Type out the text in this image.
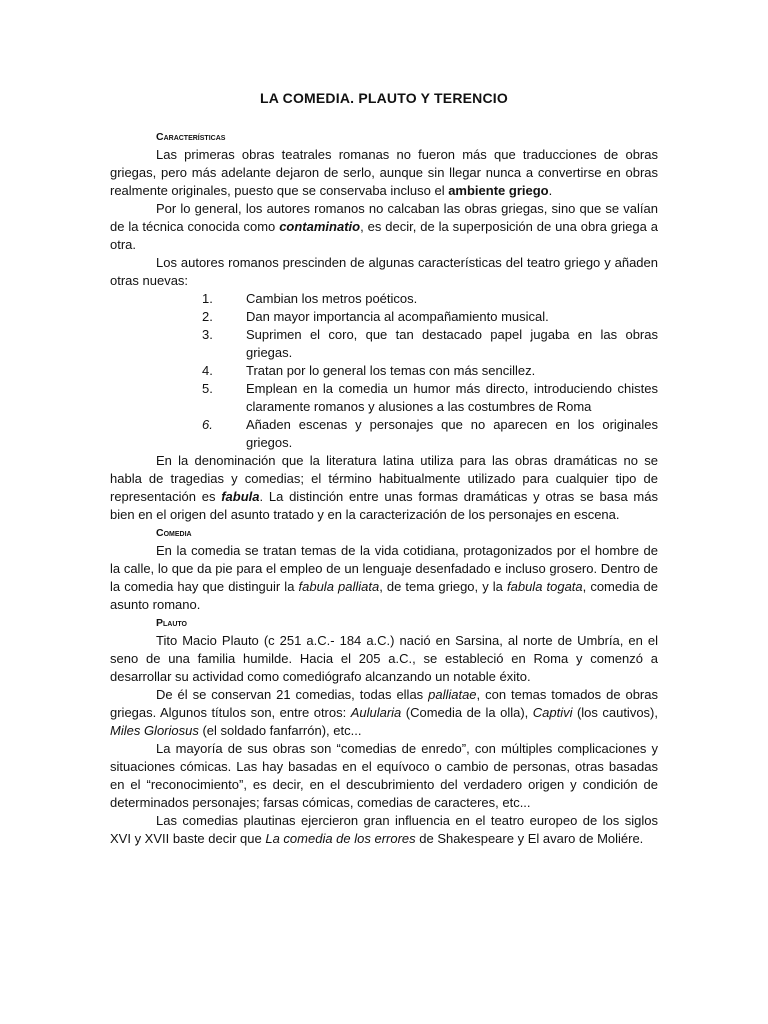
LA COMEDIA. PLAUTO Y TERENCIO
Características

Las primeras obras teatrales romanas no fueron más que traducciones de obras griegas, pero más adelante dejaron de serlo, aunque sin llegar nunca a convertirse en obras realmente originales, puesto que se conservaba incluso el ambiente griego.

Por lo general, los autores romanos no calcaban las obras griegas, sino que se valían de la técnica conocida como contaminatio, es decir, de la superposición de una obra griega a otra.

Los autores romanos prescinden de algunas características del teatro griego y añaden otras nuevas:

1.	Cambian los metros poéticos.
2.	Dan mayor importancia al acompañamiento musical.
3.	Suprimen el coro, que tan destacado papel jugaba en las obras griegas.
4.	Tratan por lo general los temas con más sencillez.
5.	Emplean en la comedia un humor más directo, introduciendo chistes claramente romanos y alusiones a las costumbres de Roma
6.	Añaden escenas y personajes que no aparecen en los originales griegos.

En la denominación que la literatura latina utiliza para las obras dramáticas no se habla de tragedias y comedias; el término habitualmente utilizado para cualquier tipo de representación es fabula. La distinción entre unas formas dramáticas y otras se basa más bien en el origen del asunto tratado y en la caracterización de los personajes en escena.

Comedia

En la comedia se tratan temas de la vida cotidiana, protagonizados por el hombre de la calle, lo que da pie para el empleo de un lenguaje desenfadado e incluso grosero. Dentro de la comedia hay que distinguir la fabula palliata, de tema griego, y la fabula togata, comedia de asunto romano.

Plauto

Tito Macio Plauto (c 251 a.C.- 184 a.C.) nació en Sarsina, al norte de Umbría, en el seno de una familia humilde. Hacia el 205 a.C., se estableció en Roma y comenzó a desarrollar su actividad como comediógrafo alcanzando un notable éxito.

De él se conservan 21 comedias, todas ellas palliatae, con temas tomados de obras griegas. Algunos títulos son, entre otros: Aulularia (Comedia de la olla), Captivi (los cautivos), Miles Gloriosus (el soldado fanfarrón), etc...

La mayoría de sus obras son “comedias de enredo”, con múltiples complicaciones y situaciones cómicas. Las hay basadas en el equívoco o cambio de personas, otras basadas en el “reconocimiento”, es decir, en el descubrimiento del verdadero origen y condición de determinados personajes; farsas cómicas, comedias de caracteres, etc...

Las comedias plautinas ejercieron gran influencia en el teatro europeo de los siglos XVI y XVII baste decir que La comedia de los errores de Shakespeare y El avaro de Moliére.
